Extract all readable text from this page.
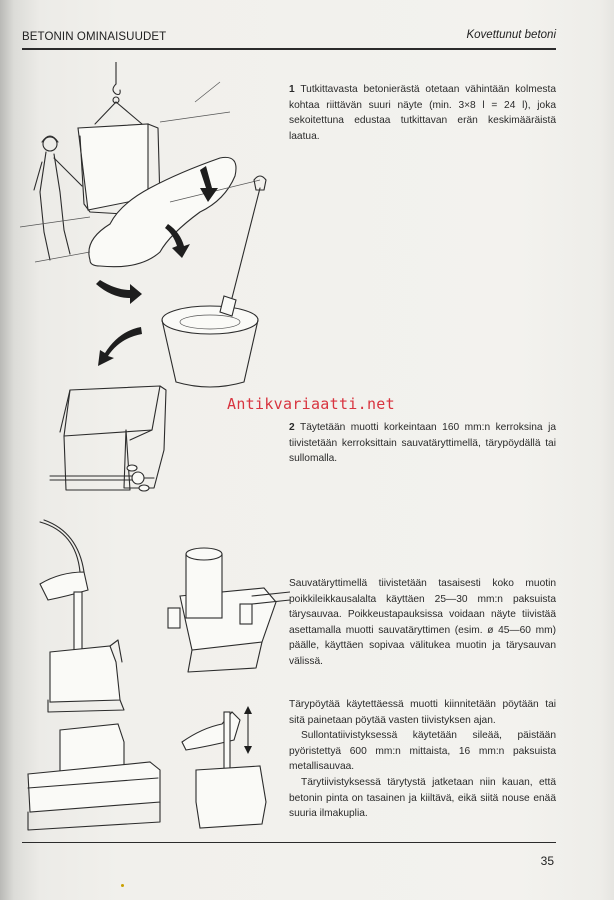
BETONIN OMINAISUUDET	Kovettunut betoni
Antikvariaatti.net
1 Tutkittavasta betonierästä otetaan vähintään kolmesta kohtaa riittävän suuri näyte (min. 3×8 l = 24 l), joka sekoitettuna edustaa tutkittavan erän keskimääräistä laatua.
2 Täytetään muotti korkeintaan 160 mm:n kerroksina ja tiivistetään kerroksittain sauvatäryttimellä, tärypöydällä tai sullomalla.
Sauvatäryttimellä tiivistetään tasaisesti koko muotin poikkileikkausalalta käyttäen 25—30 mm:n paksuista tärysauvaa. Poikkeustapauksissa voidaan näyte tiivistää asettamalla muotti sauvatäryttimen (esim. ø 45—60 mm) päälle, käyttäen sopivaa välitukea muotin ja tärysauvan välissä.
Tärypöytää käytettäessä muotti kiinnitetään pöytään tai sitä painetaan pöytää vasten tiivistyksen ajan.
Sullontatiivistyksessä käytetään sileää, päistään pyöristettyä 600 mm:n mittaista, 16 mm:n paksuista metallisauvaa.
Tärytiivistyksessä tärytystä jatketaan niin kauan, että betonin pinta on tasainen ja kiiltävä, eikä siitä nouse enää suuria ilmakuplia.
35
